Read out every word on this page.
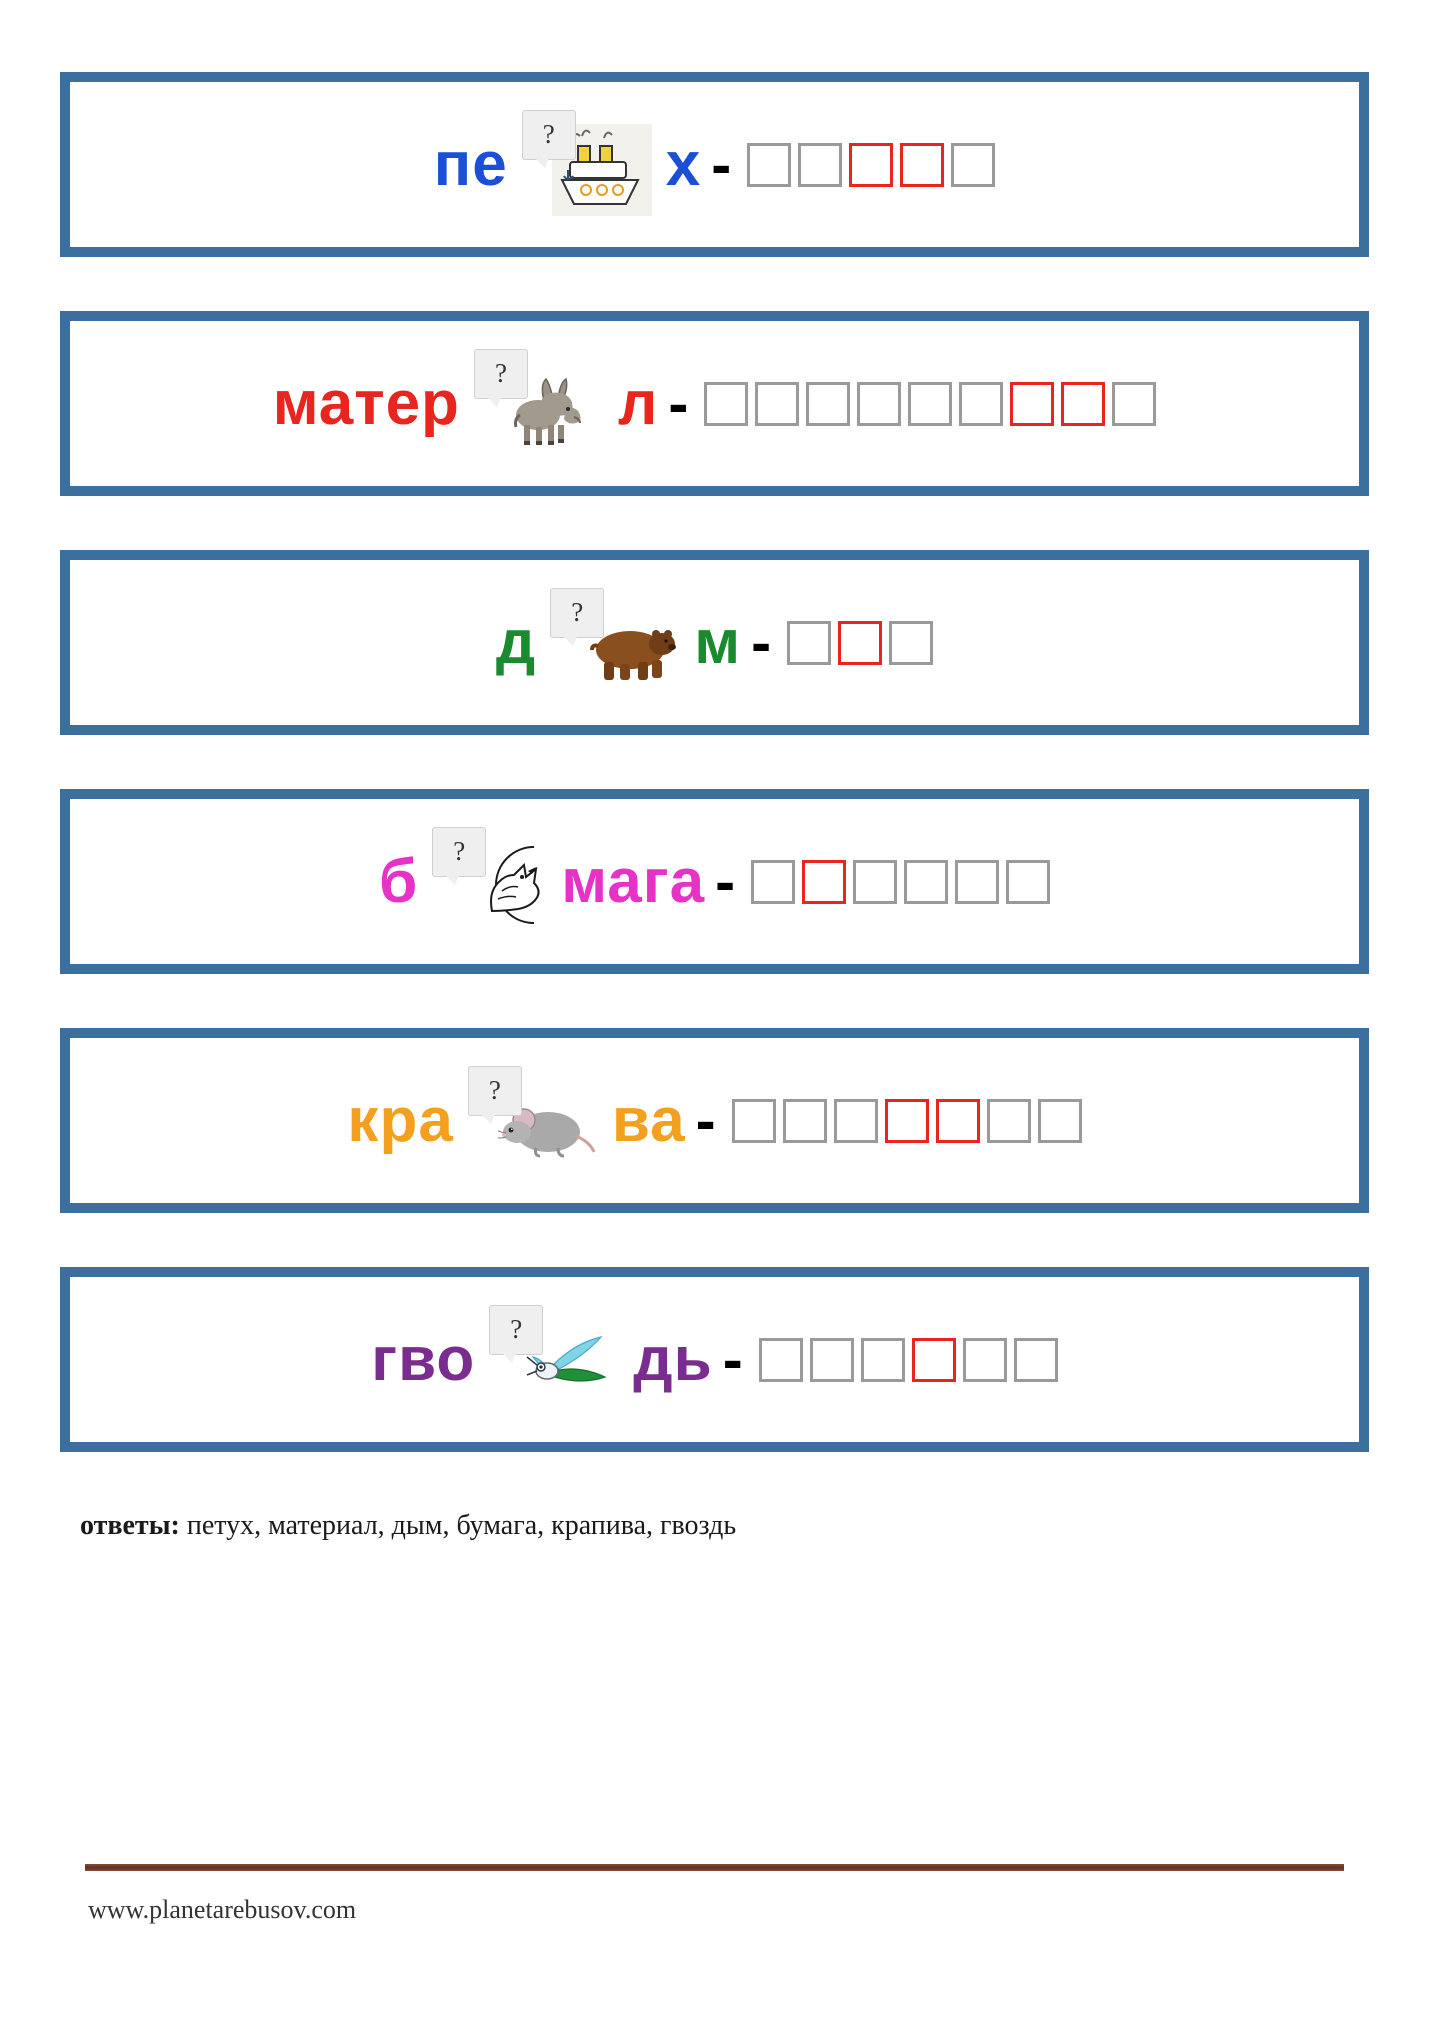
пе ? х -
матер ? л -
д ? м -
б ? мага -
кра ? ва -
гво ? дь -
ответы: петух, материал, дым, бумага, крапива, гвоздь
www.planetarebusov.com
